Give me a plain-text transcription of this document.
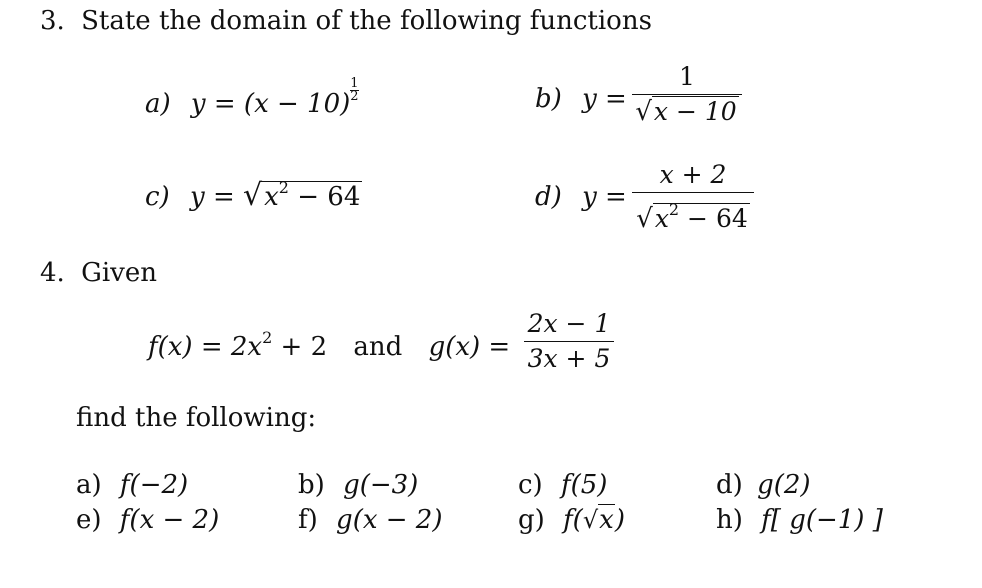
3. State the domain of the following functions
a) $y = (x - 10)\frac{1}{2}$	b) y =
1
√x − 10
c) $y = √x^2 - 64$	d) y =
x + 2
$√x^2 - 64$
4. Given
$f(x) = 2x^2 + 2$ and g(x) =
2x − 1
3x + 5
find the following:
a) f(−2)	b) g(−3)	c) f(5)	d) g(2)
e) f(x − 2)	f) g(x − 2)	g) f(√x)	h) f[ g(−1) ]
